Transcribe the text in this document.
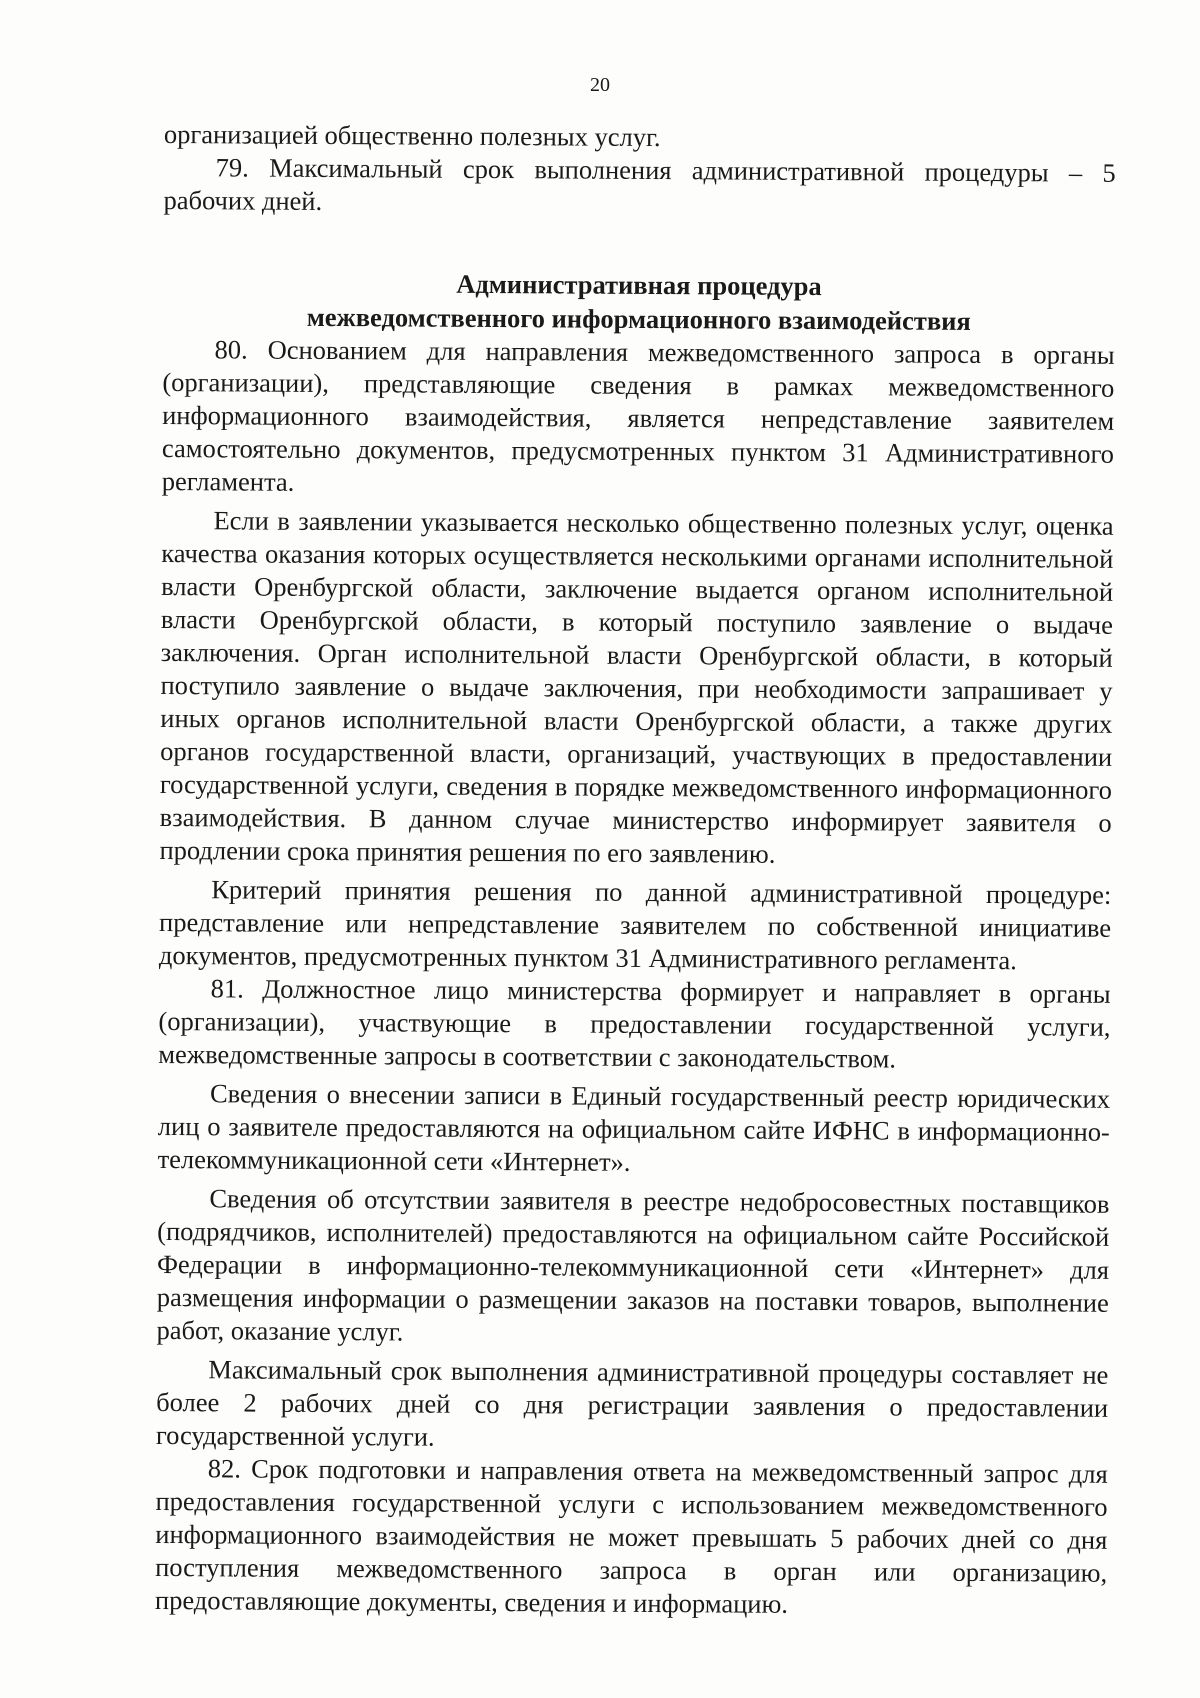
20

организацией общественно полезных услуг.

79. Максимальный срок выполнения административной процедуры – 5 рабочих дней.

Административная процедура
межведомственного информационного взаимодействия

80. Основанием для направления межведомственного запроса в органы (организации), представляющие сведения в рамках межведомственного информационного взаимодействия, является непредставление заявителем самостоятельно документов, предусмотренных пунктом 31 Административного регламента.

Если в заявлении указывается несколько общественно полезных услуг, оценка качества оказания которых осуществляется несколькими органами исполнительной власти Оренбургской области, заключение выдается органом исполнительной власти Оренбургской области, в который поступило заявление о выдаче заключения. Орган исполнительной власти Оренбургской области, в который поступило заявление о выдаче заключения, при необходимости запрашивает у иных органов исполнительной власти Оренбургской области, а также других органов государственной власти, организаций, участвующих в предоставлении государственной услуги, сведения в порядке межведомственного информационного взаимодействия. В данном случае министерство информирует заявителя о продлении срока принятия решения по его заявлению.

Критерий принятия решения по данной административной процедуре: представление или непредставление заявителем по собственной инициативе документов, предусмотренных пунктом 31 Административного регламента.

81. Должностное лицо министерства формирует и направляет в органы (организации), участвующие в предоставлении государственной услуги, межведомственные запросы в соответствии с законодательством.

Сведения о внесении записи в Единый государственный реестр юридических лиц о заявителе предоставляются на официальном сайте ИФНС в информационно-телекоммуникационной сети «Интернет».

Сведения об отсутствии заявителя в реестре недобросовестных поставщиков (подрядчиков, исполнителей) предоставляются на официальном сайте Российской Федерации в информационно-телекоммуникационной сети «Интернет» для размещения информации о размещении заказов на поставки товаров, выполнение работ, оказание услуг.

Максимальный срок выполнения административной процедуры составляет не более 2 рабочих дней со дня регистрации заявления о предоставлении государственной услуги.

82. Срок подготовки и направления ответа на межведомственный запрос для предоставления государственной услуги с использованием межведомственного информационного взаимодействия не может превышать 5 рабочих дней со дня поступления межведомственного запроса в орган или организацию, предоставляющие документы, сведения и информацию.
